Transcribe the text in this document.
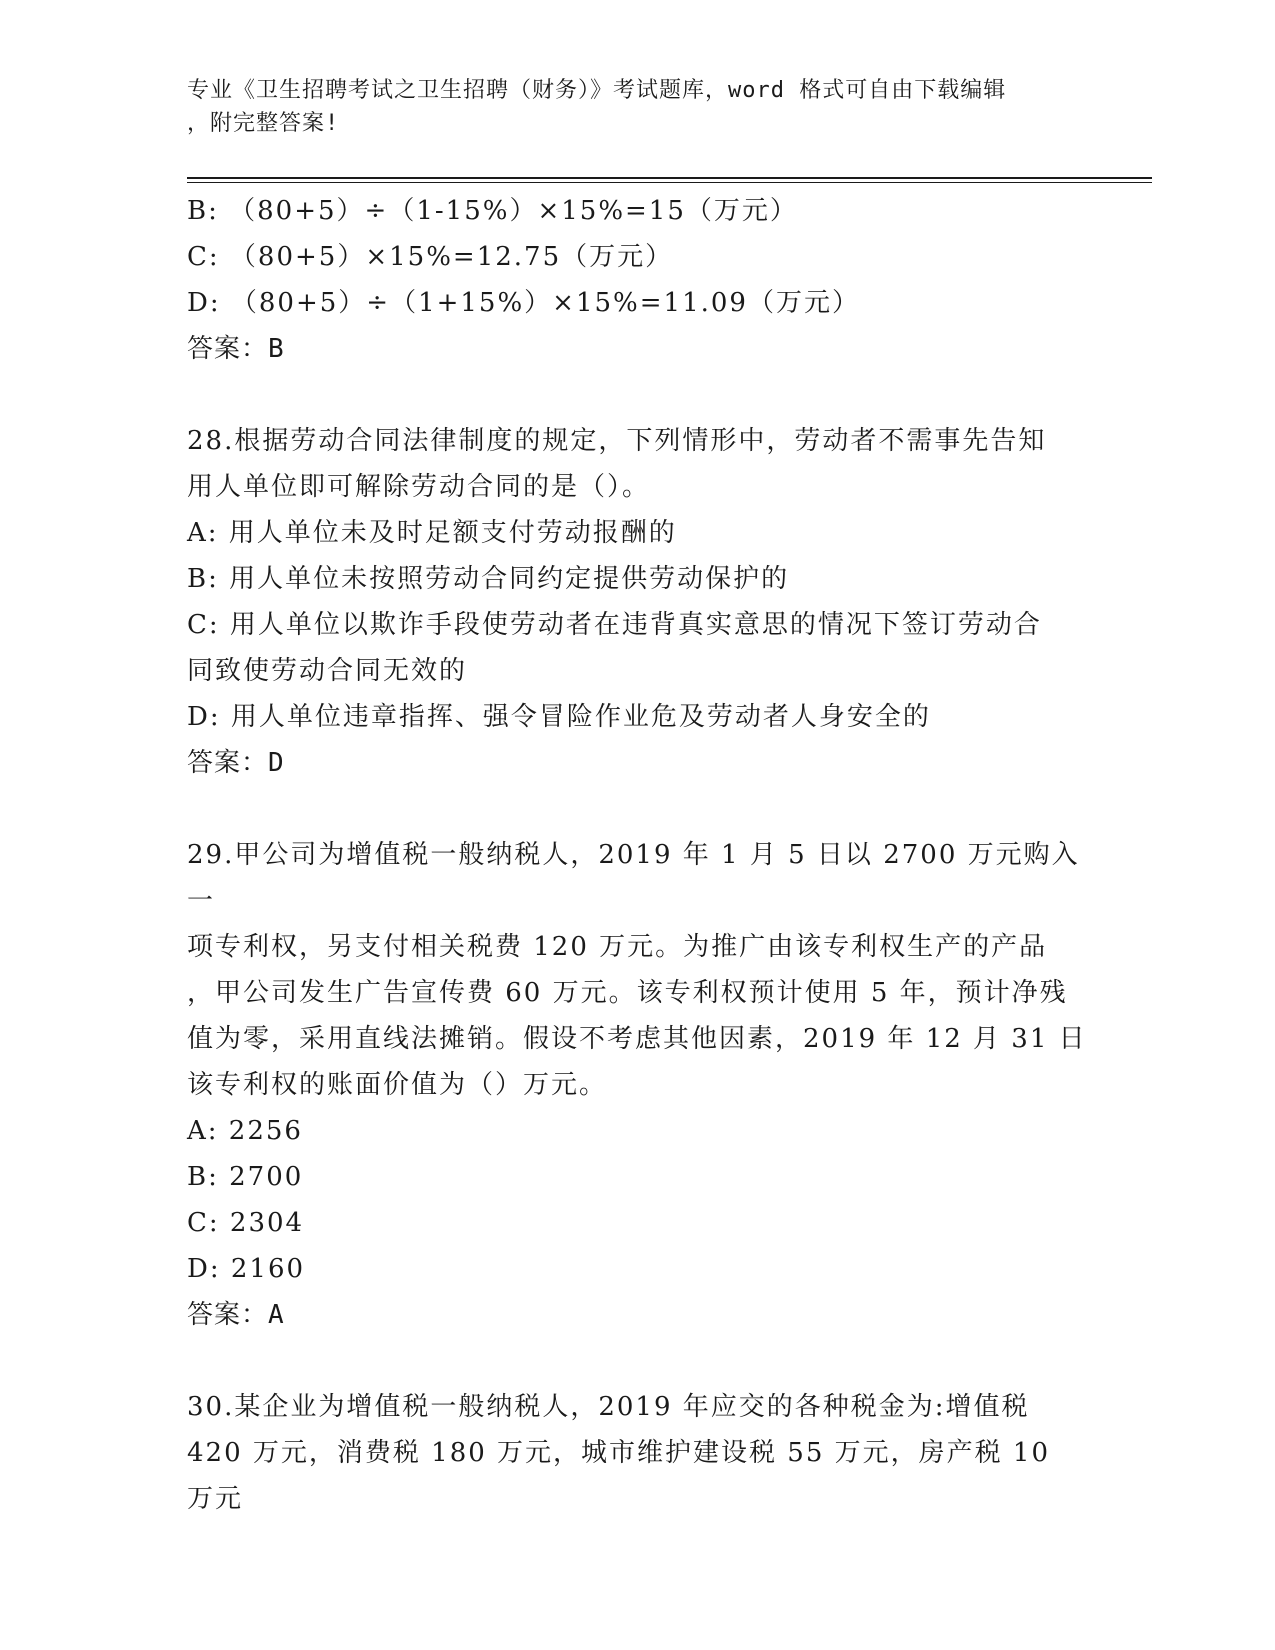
专业《卫生招聘考试之卫生招聘（财务）》考试题库，word 格式可自由下载编辑
，附完整答案!
B: （80+5）÷（1-15%）×15%=15（万元）
C: （80+5）×15%=12.75（万元）
D: （80+5）÷（1+15%）×15%=11.09（万元）
答案：B
28.根据劳动合同法律制度的规定，下列情形中，劳动者不需事先告知
用人单位即可解除劳动合同的是（）。
A: 用人单位未及时足额支付劳动报酬的
B: 用人单位未按照劳动合同约定提供劳动保护的
C: 用人单位以欺诈手段使劳动者在违背真实意思的情况下签订劳动合
同致使劳动合同无效的
D: 用人单位违章指挥、强令冒险作业危及劳动者人身安全的
答案：D
29.甲公司为增值税一般纳税人，2019 年 1 月 5 日以 2700 万元购入一
项专利权，另支付相关税费 120 万元。为推广由该专利权生产的产品
，甲公司发生广告宣传费 60 万元。该专利权预计使用 5 年，预计净残
值为零，采用直线法摊销。假设不考虑其他因素，2019 年 12 月 31 日
该专利权的账面价值为（）万元。
A: 2256
B: 2700
C: 2304
D: 2160
答案：A
30.某企业为增值税一般纳税人，2019 年应交的各种税金为:增值税
420 万元，消费税 180 万元，城市维护建设税 55 万元，房产税 10 万元
